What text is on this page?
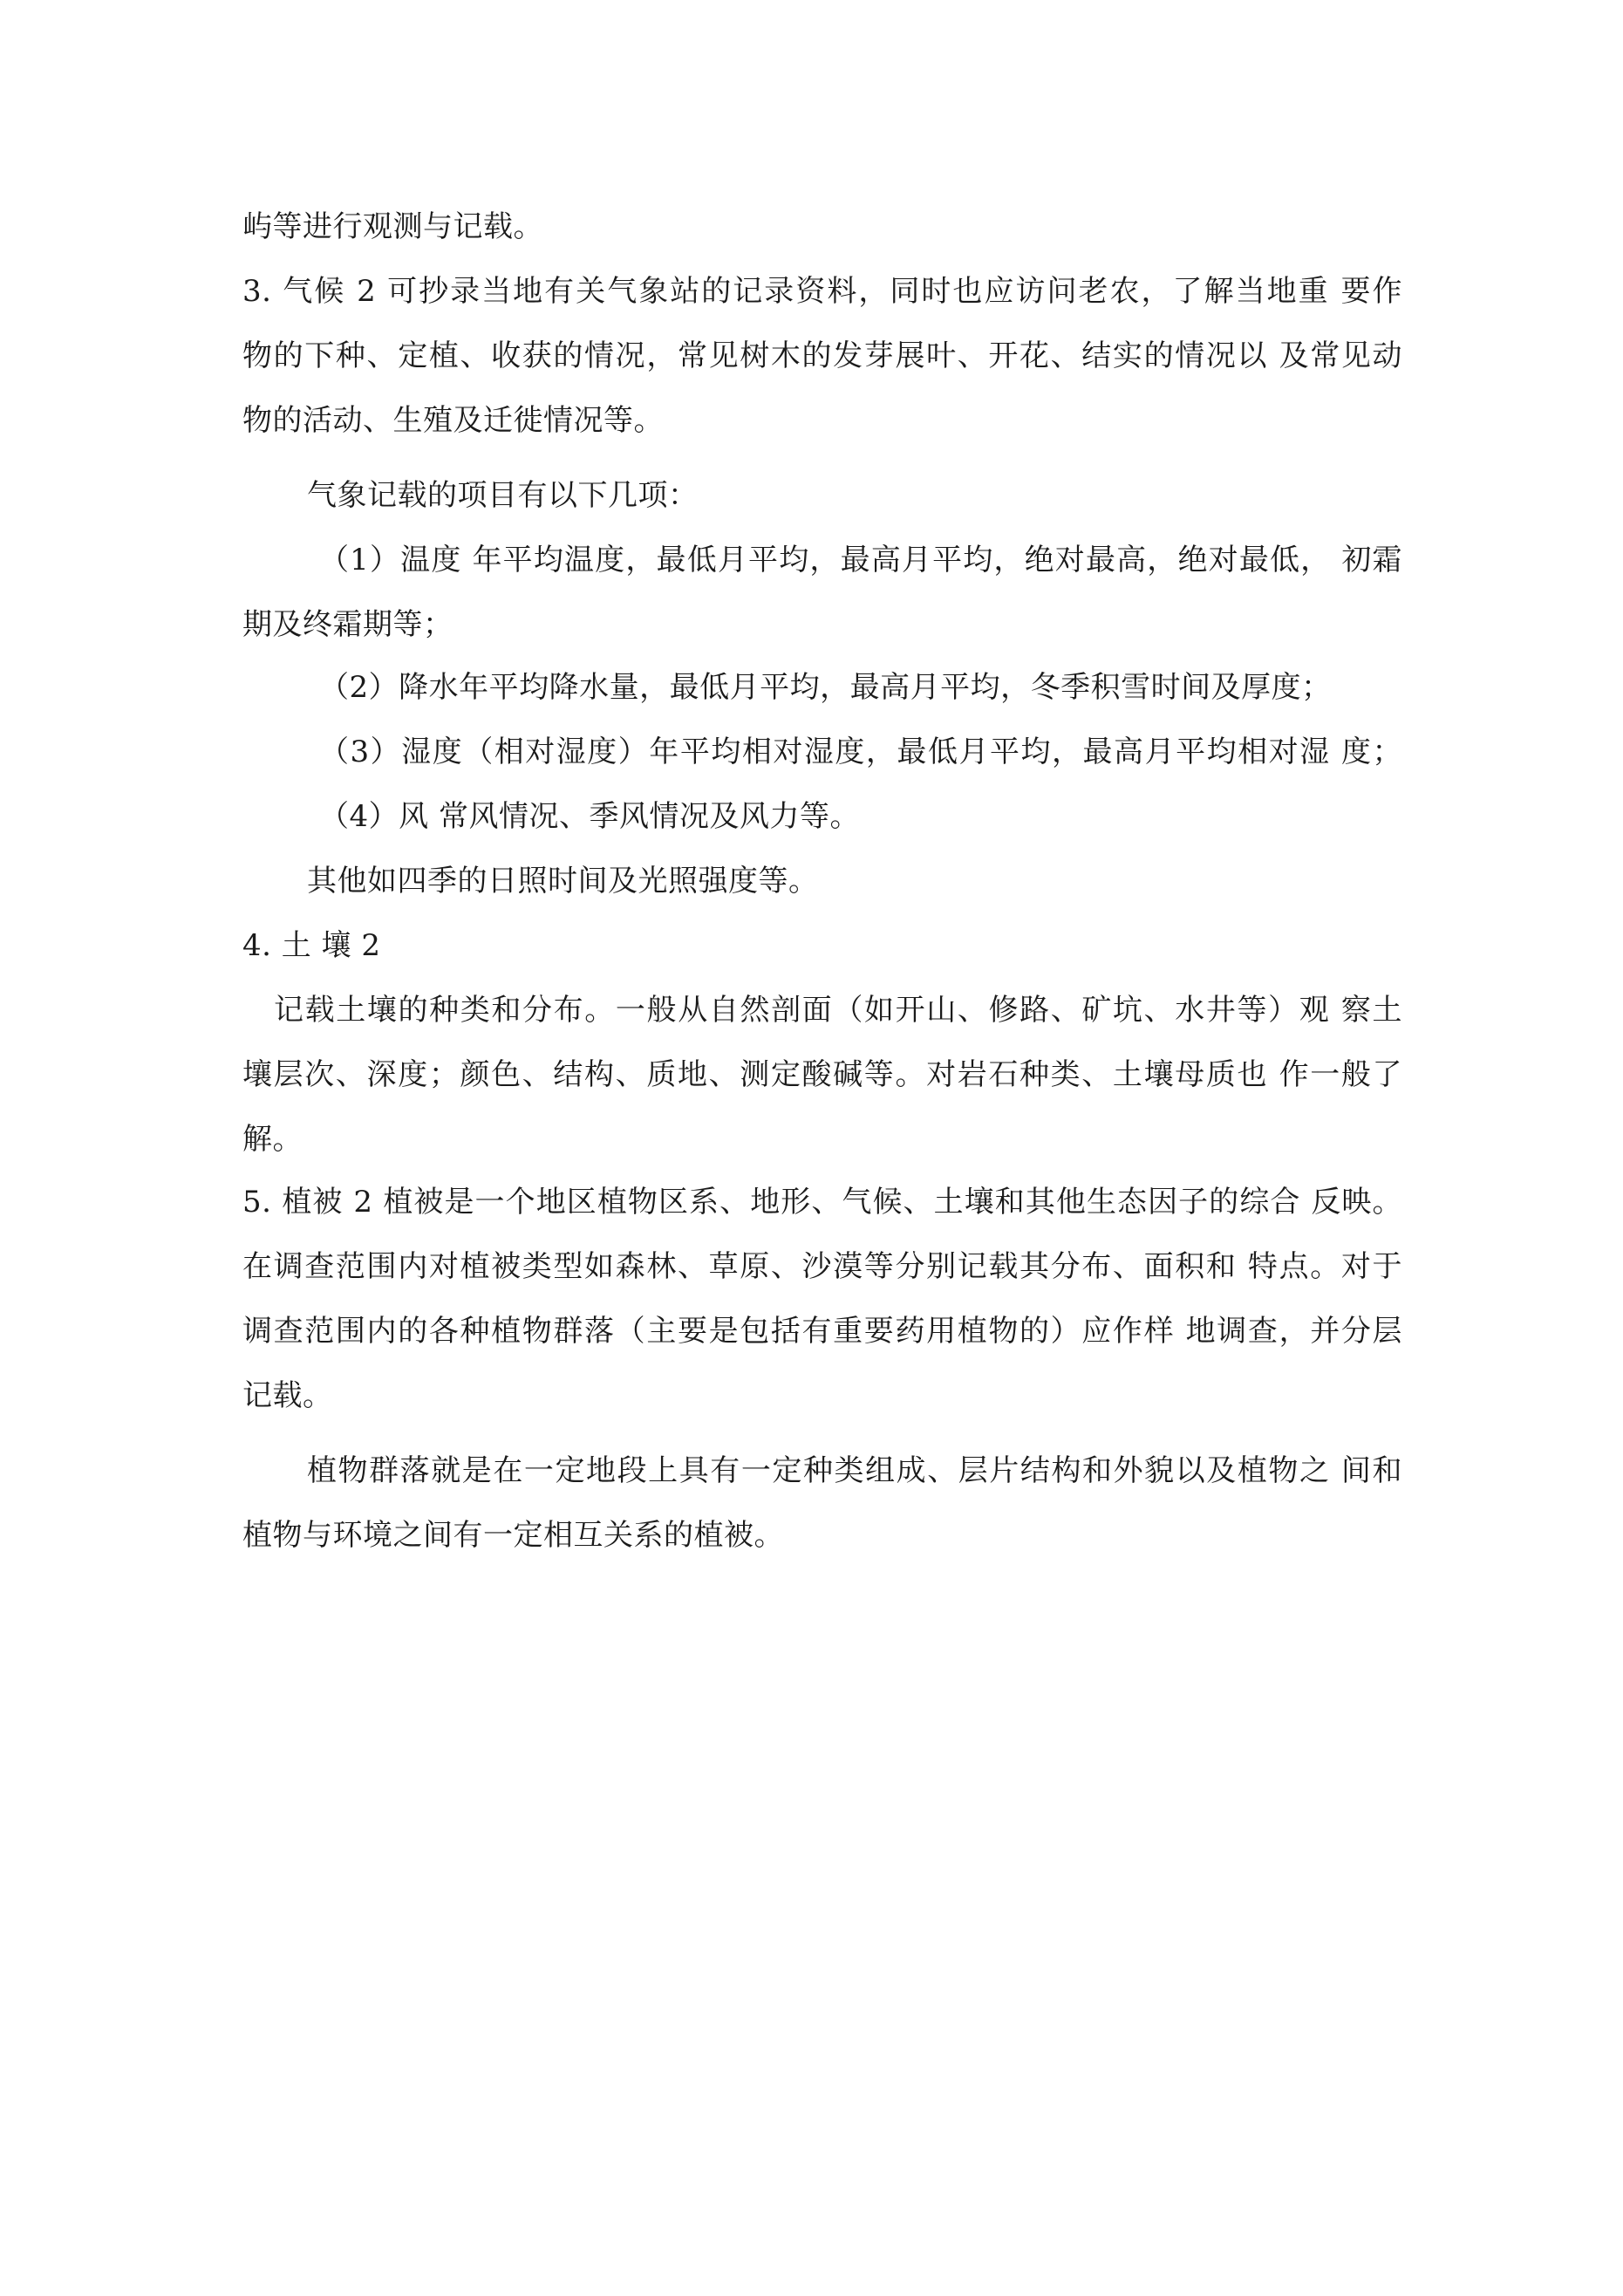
屿等进行观测与记载。
3. 气候 2 可抄录当地有关气象站的记录资料，同时也应访问老农，了解当地重 要作
物的下种、定植、收获的情况，常见树木的发芽展叶、开花、结实的情况以 及常见动
物的活动、生殖及迁徙情况等。
气象记载的项目有以下几项：
（1）温度 年平均温度，最低月平均，最高月平均，绝对最高，绝对最低， 初霜
期及终霜期等；
（2）降水年平均降水量，最低月平均，最高月平均，冬季积雪时间及厚度；
（3）湿度（相对湿度）年平均相对湿度，最低月平均，最高月平均相对湿 度；
（4）风 常风情况、季风情况及风力等。
其他如四季的日照时间及光照强度等。
4. 土 壤 2
记载土壤的种类和分布。一般从自然剖面（如开山、修路、矿坑、水井等）观 察土
壤层次、深度；颜色、结构、质地、测定酸碱等。对岩石种类、土壤母质也 作一般了
解。
5. 植被 2 植被是一个地区植物区系、地形、气候、土壤和其他生态因子的综合 反映。
在调查范围内对植被类型如森林、草原、沙漠等分别记载其分布、面积和 特点。对于
调查范围内的各种植物群落（主要是包括有重要药用植物的）应作样 地调查，并分层
记载。
植物群落就是在一定地段上具有一定种类组成、层片结构和外貌以及植物之 间和
植物与环境之间有一定相互关系的植被。
